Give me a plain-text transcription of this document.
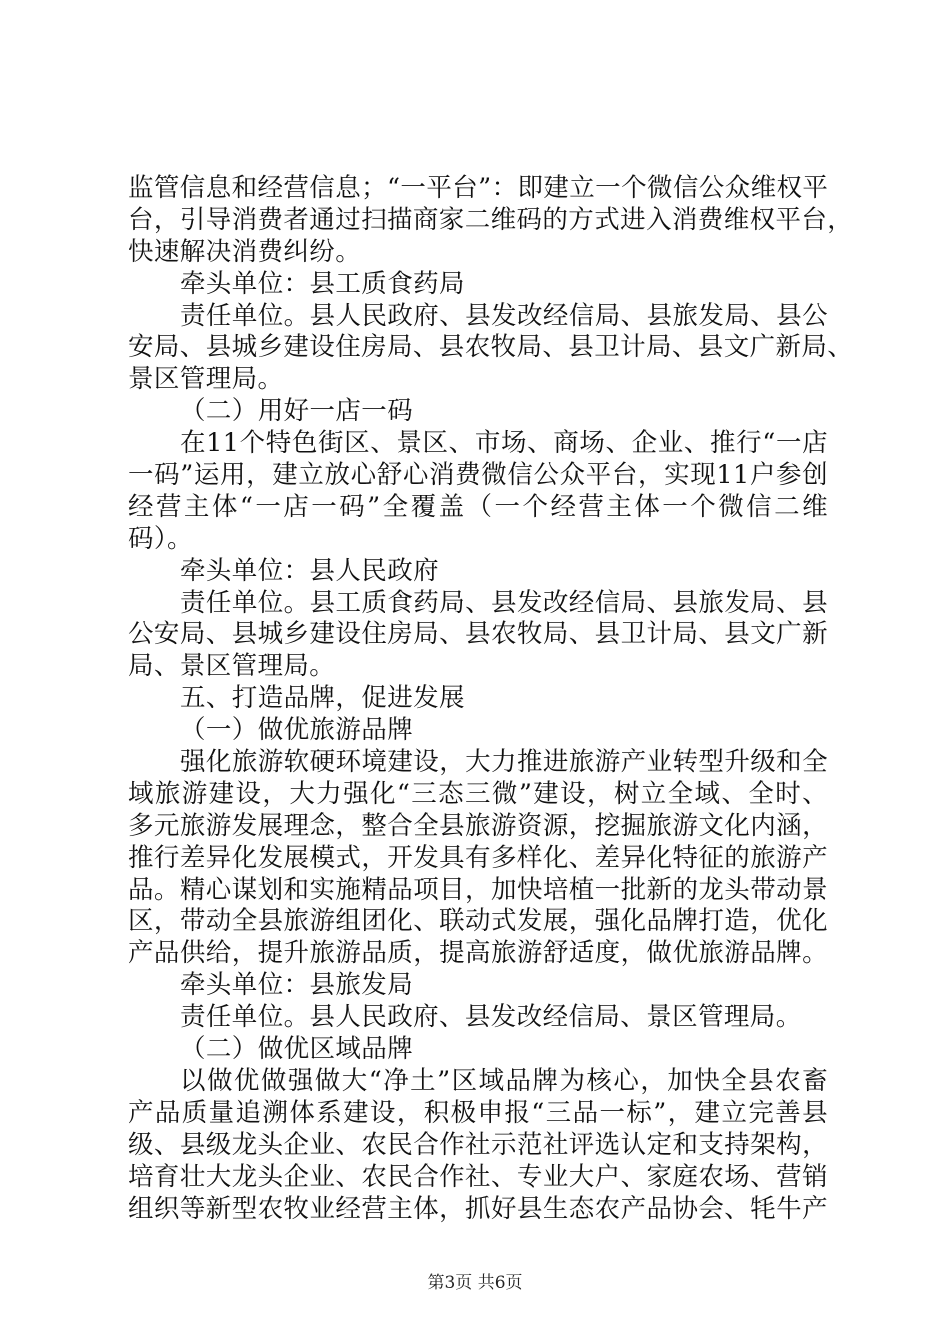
监管信息和经营信息；“一平台”：即建立一个微信公众维权平
台，引导消费者通过扫描商家二维码的方式进入消费维权平台，
快速解决消费纠纷。
牵头单位：县工质食药局
责任单位。县人民政府、县发改经信局、县旅发局、县公
安局、县城乡建设住房局、县农牧局、县卫计局、县文广新局、
景区管理局。
（二）用好一店一码
在11个特色街区、景区、市场、商场、企业、推行“一店
一码”运用，建立放心舒心消费微信公众平台，实现11户参创
经营主体“一店一码”全覆盖（一个经营主体一个微信二维
码）。
牵头单位：县人民政府
责任单位。县工质食药局、县发改经信局、县旅发局、县
公安局、县城乡建设住房局、县农牧局、县卫计局、县文广新
局、景区管理局。
五、打造品牌，促进发展
（一）做优旅游品牌
强化旅游软硬环境建设，大力推进旅游产业转型升级和全
域旅游建设，大力强化“三态三微”建设，树立全域、全时、
多元旅游发展理念，整合全县旅游资源，挖掘旅游文化内涵，
推行差异化发展模式，开发具有多样化、差异化特征的旅游产
品。精心谋划和实施精品项目，加快培植一批新的龙头带动景
区，带动全县旅游组团化、联动式发展，强化品牌打造，优化
产品供给，提升旅游品质，提高旅游舒适度，做优旅游品牌。
牵头单位：县旅发局
责任单位。县人民政府、县发改经信局、景区管理局。
（二）做优区域品牌
以做优做强做大“净土”区域品牌为核心，加快全县农畜
产品质量追溯体系建设，积极申报“三品一标”，建立完善县
级、县级龙头企业、农民合作社示范社评选认定和支持架构，
培育壮大龙头企业、农民合作社、专业大户、家庭农场、营销
组织等新型农牧业经营主体，抓好县生态农产品协会、牦牛产
第3页 共6页
